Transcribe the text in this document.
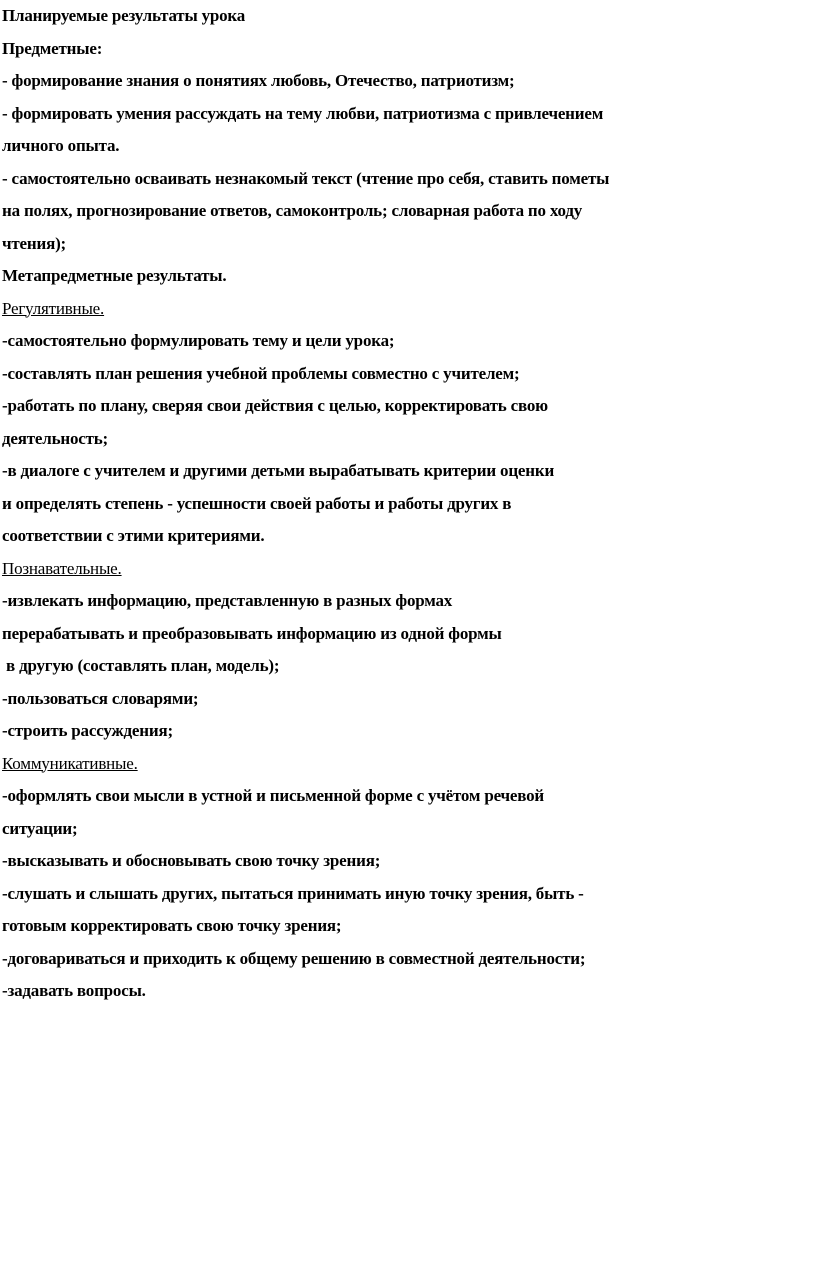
Планируемые результаты урока
Предметные:
- формирование знания о понятиях любовь, Отечество, патриотизм;
- формировать умения рассуждать на тему любви, патриотизма с привлечением
личного опыта.
- самостоятельно осваивать незнакомый текст (чтение про себя, ставить пометы
на полях, прогнозирование ответов, самоконтроль; словарная работа по ходу
чтения);
Метапредметные результаты.
Регулятивные.
-самостоятельно формулировать тему и цели урока;
-составлять план решения учебной проблемы совместно с учителем;
-работать по плану, сверяя свои действия с целью, корректировать свою
деятельность;
-в диалоге с учителем и другими детьми вырабатывать критерии оценки
и определять степень - успешности своей работы и работы других в
соответствии с этими критериями.
Познавательные.
-извлекать информацию, представленную в разных формах
перерабатывать и преобразовывать информацию из одной формы
в другую (составлять план, модель);
-пользоваться словарями;
-строить рассуждения;
Коммуникативные.
-оформлять свои мысли в устной и письменной форме с учётом речевой
ситуации;
-высказывать и обосновывать свою точку зрения;
-слушать и слышать других, пытаться принимать иную точку зрения, быть -
готовым корректировать свою точку зрения;
-договариваться и приходить к общему решению в совместной деятельности;
-задавать вопросы.
